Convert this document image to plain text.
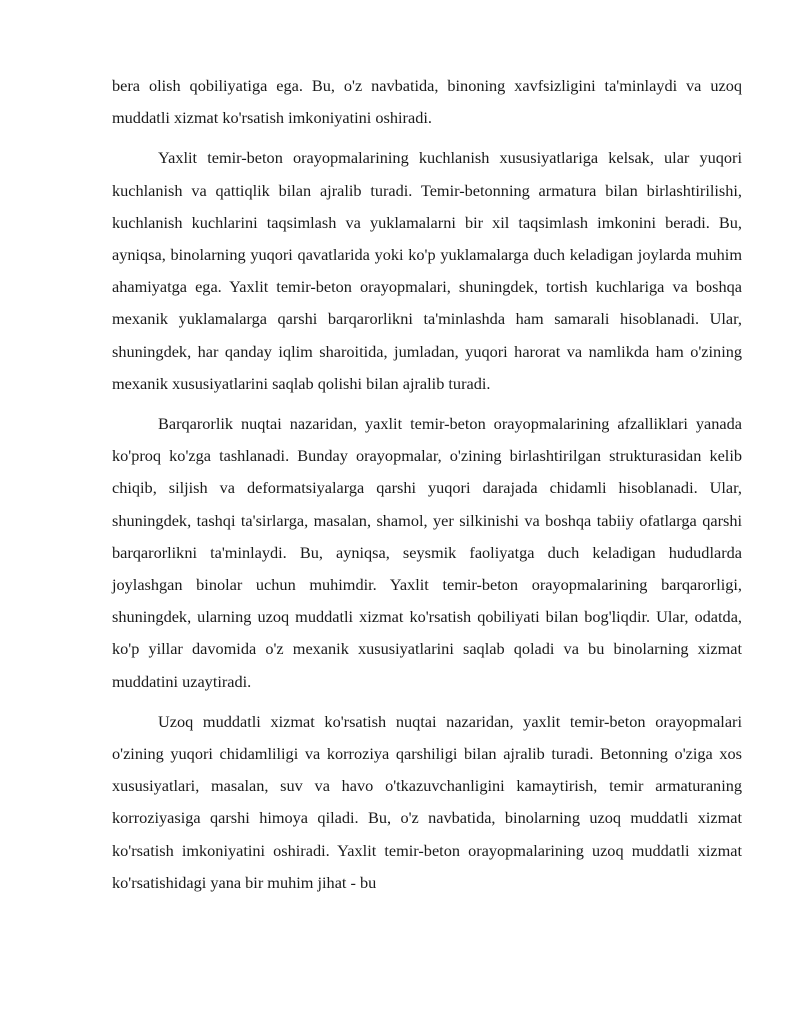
bera olish qobiliyatiga ega. Bu, o'z navbatida, binoning xavfsizligini ta'minlaydi va uzoq muddatli xizmat ko'rsatish imkoniyatini oshiradi.

Yaxlit temir-beton orayopmalarining kuchlanish xususiyatlariga kelsak, ular yuqori kuchlanish va qattiqlik bilan ajralib turadi. Temir-betonning armatura bilan birlashtirilishi, kuchlanish kuchlarini taqsimlash va yuklamalarni bir xil taqsimlash imkonini beradi. Bu, ayniqsa, binolarning yuqori qavatlarida yoki ko'p yuklamalarga duch keladigan joylarda muhim ahamiyatga ega. Yaxlit temir-beton orayopmalari, shuningdek, tortish kuchlariga va boshqa mexanik yuklamalarga qarshi barqarorlikni ta'minlashda ham samarali hisoblanadi. Ular, shuningdek, har qanday iqlim sharoitida, jumladan, yuqori harorat va namlikda ham o'zining mexanik xususiyatlarini saqlab qolishi bilan ajralib turadi.

Barqarorlik nuqtai nazaridan, yaxlit temir-beton orayopmalarining afzalliklari yanada ko'proq ko'zga tashlanadi. Bunday orayopmalar, o'zining birlashtirilgan strukturasidan kelib chiqib, siljish va deformatsiyalarga qarshi yuqori darajada chidamli hisoblanadi. Ular, shuningdek, tashqi ta'sirlarga, masalan, shamol, yer silkinishi va boshqa tabiiy ofatlarga qarshi barqarorlikni ta'minlaydi. Bu, ayniqsa, seysmik faoliyatga duch keladigan hududlarda joylashgan binolar uchun muhimdir. Yaxlit temir-beton orayopmalarining barqarorligi, shuningdek, ularning uzoq muddatli xizmat ko'rsatish qobiliyati bilan bog'liqdir. Ular, odatda, ko'p yillar davomida o'z mexanik xususiyatlarini saqlab qoladi va bu binolarning xizmat muddatini uzaytiradi.

Uzoq muddatli xizmat ko'rsatish nuqtai nazaridan, yaxlit temir-beton orayopmalari o'zining yuqori chidamliligi va korroziya qarshiligi bilan ajralib turadi. Betonning o'ziga xos xususiyatlari, masalan, suv va havo o'tkazuvchanligini kamaytirish, temir armaturaning korroziyasiga qarshi himoya qiladi. Bu, o'z navbatida, binolarning uzoq muddatli xizmat ko'rsatish imkoniyatini oshiradi. Yaxlit temir-beton orayopmalarining uzoq muddatli xizmat ko'rsatishidagi yana bir muhim jihat - bu
